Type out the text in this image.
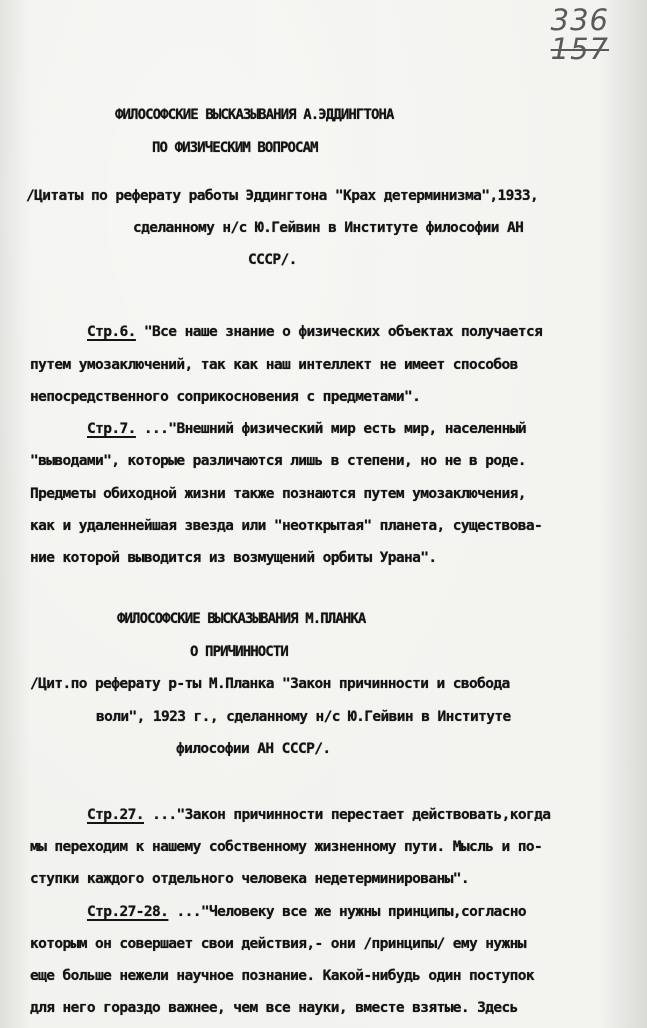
336
157
ФИЛОСОФСКИЕ ВЫСКАЗЫВАНИЯ А.ЭДДИНГТОНА
ПО ФИЗИЧЕСКИМ ВОПРОСАМ
/Цитаты по реферату работы Эддингтона "Крах детерминизма",1933,
сделанному н/с Ю.Гейвин в Институте философии АН
СССР/.
Стр.6. "Все наше знание о физических объектах получается
путем умозаключений, так как наш интеллект не имеет способов
непосредственного соприкосновения с предметами".
Стр.7. ..."Внешний физический мир есть мир, населенный
"выводами", которые различаются лишь в степени, но не в роде.
Предметы обиходной жизни также познаются путем умозаключения,
как и удаленнейшая звезда или "неоткрытая" планета, существова-
ние которой выводится из возмущений орбиты Урана".
ФИЛОСОФСКИЕ ВЫСКАЗЫВАНИЯ М.ПЛАНКА
О ПРИЧИННОСТИ
/Цит.по реферату р-ты М.Планка "Закон причинности и свобода
воли", 1923 г., сделанному н/с Ю.Гейвин в Институте
философии АН СССР/.
Стр.27. ..."Закон причинности перестает действовать,когда
мы переходим к нашему собственному жизненному пути. Мысль и по-
ступки каждого отдельного человека недетерминированы".
Стр.27-28. ..."Человеку все же нужны принципы,согласно
которым он совершает свои действия,- они /принципы/ ему нужны
еще больше нежели научное познание. Какой-нибудь один поступок
для него гораздо важнее, чем все науки, вместе взятые. Здесь
